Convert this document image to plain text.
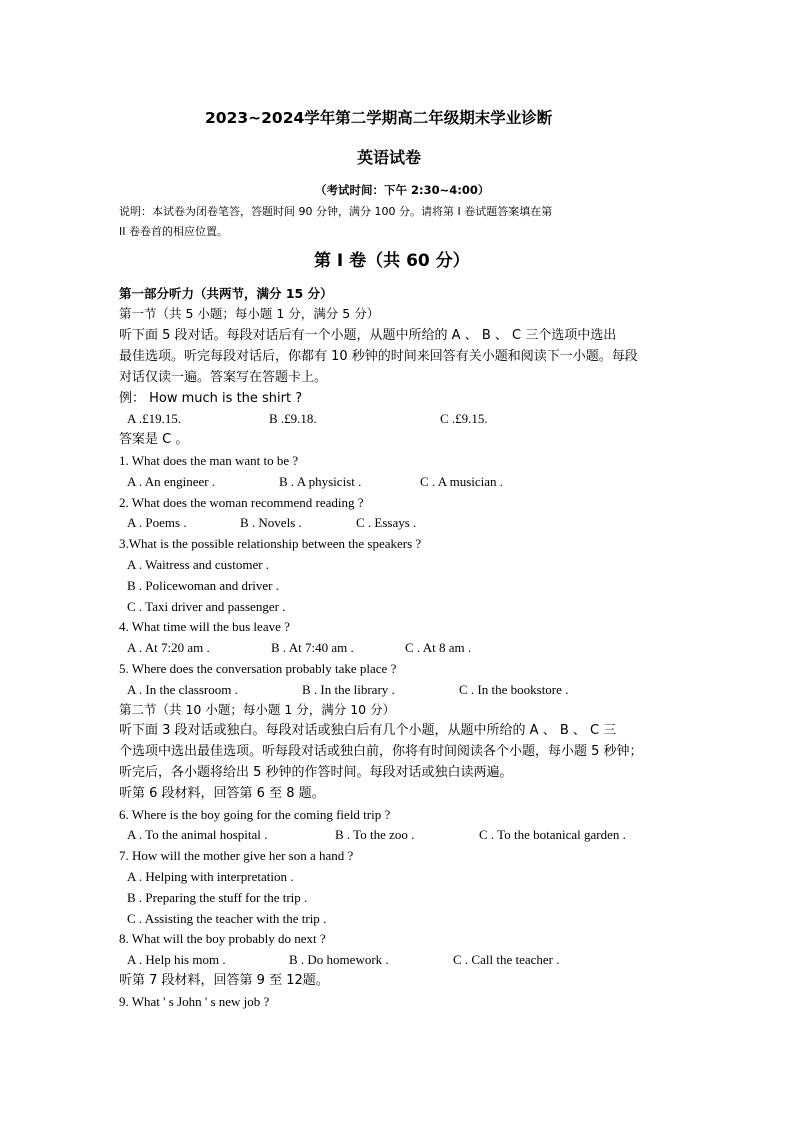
2023~2024学年第二学期高二年级期末学业诊断
英语试卷
（考试时间：下午 2:30~4:00）
说明：本试卷为闭卷笔答，答题时间 90 分钟，满分 100 分。请将第 I 卷试题答案填在第
II 卷卷首的相应位置。
第 I 卷（共 60 分）
第一部分听力（共两节，满分 15 分）
第一节（共 5 小题；每小题 1 分，满分 5 分）
听下面 5 段对话。每段对话后有一个小题，从题中所给的 A 、 B 、 C 三个选项中选出
最佳选项。听完每段对话后，你都有 10 秒钟的时间来回答有关小题和阅读下一小题。每段
对话仅读一遍。答案写在答题卡上。
例： How much is the shirt ?
A .£19.15.	B .£9.18.	C .£9.15.
答案是 C 。
1. What does the man want to be ?
A . An engineer .	B . A physicist .	C . A musician .
2. What does the woman recommend reading ?
A . Poems .	B . Novels .	C . Essays .
3.What is the possible relationship between the speakers ?
A . Waitress and customer .
B . Policewoman and driver .
C . Taxi driver and passenger .
4. What time will the bus leave ?
A . At 7:20 am .	B . At 7:40 am .	C . At 8 am .
5. Where does the conversation probably take place ?
A . In the classroom .	B . In the library .	C . In the bookstore .
第二节（共 10 小题；每小题 1 分，满分 10 分）
听下面 3 段对话或独白。每段对话或独白后有几个小题，从题中所给的 A 、 B 、 C 三
个选项中选出最佳选项。听每段对话或独白前，你将有时间阅读各个小题，每小题 5 秒钟；
听完后，各小题将给出 5 秒钟的作答时间。每段对话或独白读两遍。
听第 6 段材料，回答第 6 至 8 题。
6. Where is the boy going for the coming field trip ?
A . To the animal hospital .	B . To the zoo .	C . To the botanical garden .
7. How will the mother give her son a hand ?
A . Helping with interpretation .
B . Preparing the stuff for the trip .
C . Assisting the teacher with the trip .
8. What will the boy probably do next ?
A . Help his mom .	B . Do homework .	C . Call the teacher .
听第 7 段材料，回答第 9 至 12题。
9. What ' s John ' s new job ?
